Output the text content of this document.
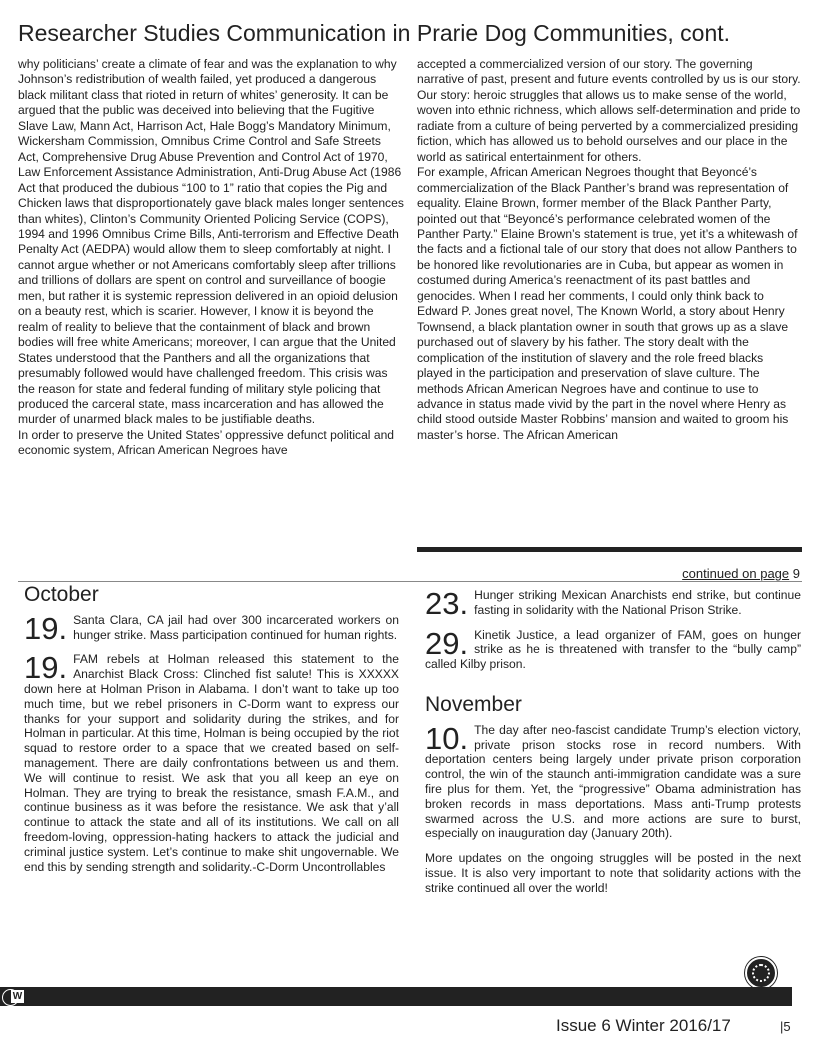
Researcher Studies Communication in Prarie Dog Communities, cont.

why politicians’ create a climate of fear and was the explanation to why Johnson’s redistribution of wealth failed, yet produced a dangerous black militant class that rioted in return of whites’ generosity. It can be argued that the public was deceived into believing that the Fugitive Slave Law, Mann Act, Harrison Act, Hale Bogg’s Mandatory Minimum, Wickersham Commission, Omnibus Crime Control and Safe Streets Act, Comprehensive Drug Abuse Prevention and Control Act of 1970, Law Enforcement Assistance Administration, Anti-Drug Abuse Act (1986 Act that produced the dubious “100 to 1” ratio that copies the Pig and Chicken laws that disproportionately gave black males longer sentences than whites), Clinton’s Community Oriented Policing Service (COPS), 1994 and 1996 Omnibus Crime Bills, Anti-terrorism and Effective Death Penalty Act (AEDPA) would allow them to sleep comfortably at night. I cannot argue whether or not Americans comfortably sleep after trillions and trillions of dollars are spent on control and surveillance of boogie men, but rather it is systemic repression delivered in an opioid delusion on a beauty rest, which is scarier. However, I know it is beyond the realm of reality to believe that the containment of black and brown bodies will free white Americans; moreover, I can argue that the United States understood that the Panthers and all the organizations that presumably followed would have challenged freedom. This crisis was the reason for state and federal funding of military style policing that produced the carceral state, mass incarceration and has allowed the murder of unarmed black males to be justifiable deaths.

In order to preserve the United States’ oppressive defunct political and economic system, African American Negroes have

accepted a commercialized version of our story. The governing narrative of past, present and future events controlled by us is our story. Our story: heroic struggles that allows us to make sense of the world, woven into ethnic richness, which allows self-determination and pride to radiate from a culture of being perverted by a commercialized presiding fiction, which has allowed us to behold ourselves and our place in the world as satirical entertainment for others.

For example, African American Negroes thought that Beyoncé’s commercialization of the Black Panther’s brand was representation of equality. Elaine Brown, former member of the Black Panther Party, pointed out that “Beyoncé’s performance celebrated women of the Panther Party.” Elaine Brown’s statement is true, yet it’s a whitewash of the facts and a fictional tale of our story that does not allow Panthers to be honored like revolutionaries are in Cuba, but appear as women in costumed during America’s reenactment of its past battles and genocides. When I read her comments, I could only think back to Edward P. Jones great novel, The Known World, a story about Henry Townsend, a black plantation owner in south that grows up as a slave purchased out of slavery by his father. The story dealt with the complication of the institution of slavery and the role freed blacks played in the participation and preservation of slave culture. The methods African American Negroes have and continue to use to advance in status made vivid by the part in the novel where Henry as child stood outside Master Robbins’ mansion and waited to groom his master’s horse. The African American

continued on page 9
October
19. Santa Clara, CA jail had over 300 incarcerated workers on hunger strike. Mass participation continued for human rights.

19. FAM rebels at Holman released this statement to the Anarchist Black Cross: Clinched fist salute! This is XXXXX down here at Holman Prison in Alabama. I don’t want to take up too much time, but we rebel prisoners in C-Dorm want to express our thanks for your support and solidarity during the strikes, and for Holman in particular. At this time, Holman is being occupied by the riot squad to restore order to a space that we created based on self-management. There are daily confrontations between us and them. We will continue to resist. We ask that you all keep an eye on Holman. They are trying to break the resistance, smash F.A.M., and continue business as it was before the resistance. We ask that y’all continue to attack the state and all of its institutions. We call on all freedom-loving, oppression-hating hackers to attack the judicial and criminal justice system. Let’s continue to make shit ungovernable. We end this by sending strength and solidarity.-C-Dorm Uncontrollables

23. Hunger striking Mexican Anarchists end strike, but continue fasting in solidarity with the National Prison Strike.

29. Kinetik Justice, a lead organizer of FAM, goes on hunger strike as he is threatened with transfer to the “bully camp” called Kilby prison.

November
10. The day after neo-fascist candidate Trump’s election victory, private prison stocks rose in record numbers. With deportation centers being largely under private prison corporation control, the win of the staunch anti-immigration candidate was a sure fire plus for them. Yet, the “progressive” Obama administration has broken records in mass deportations. Mass anti-Trump protests swarmed across the U.S. and more actions are sure to burst, especially on inauguration day (January 20th).

More updates on the ongoing struggles will be posted in the next issue. It is also very important to note that solidarity actions with the strike continued all over the world!

W
Issue 6 Winter 2016/17	|5
